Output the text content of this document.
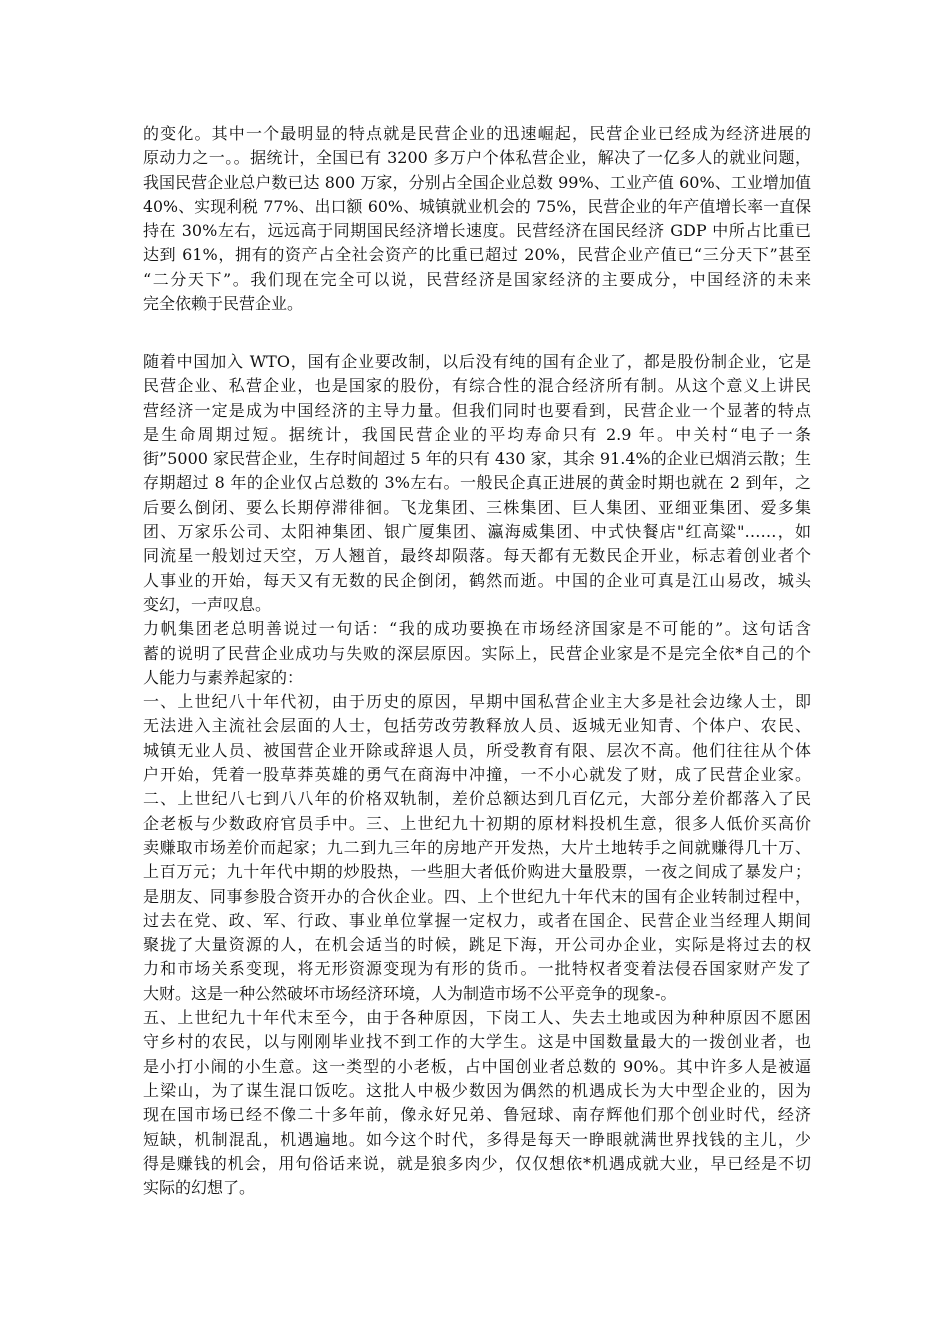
的变化。其中一个最明显的特点就是民营企业的迅速崛起，民营企业已经成为经济进展的
原动力之一。。据统计，全国已有 3200 多万户个体私营企业，解决了一亿多人的就业问题，
我国民营企业总户数已达 800 万家，分别占全国企业总数 99%、工业产值 60%、工业增加值
40%、实现利税 77%、出口额 60%、城镇就业机会的 75%，民营企业的年产值增长率一直保
持在 30%左右，远远高于同期国民经济增长速度。民营经济在国民经济 GDP 中所占比重已
达到 61%，拥有的资产占全社会资产的比重已超过 20%，民营企业产值已“三分天下”甚至
“二分天下”。我们现在完全可以说，民营经济是国家经济的主要成分，中国经济的未来
完全依赖于民营企业。
随着中国加入 WTO，国有企业要改制，以后没有纯的国有企业了，都是股份制企业，它是
民营企业、私营企业，也是国家的股份，有综合性的混合经济所有制。从这个意义上讲民
营经济一定是成为中国经济的主导力量。但我们同时也要看到，民营企业一个显著的特点
是生命周期过短。据统计，我国民营企业的平均寿命只有 2.9 年。中关村“电子一条
街”5000 家民营企业，生存时间超过 5 年的只有 430 家，其余 91.4%的企业已烟消云散；生
存期超过 8 年的企业仅占总数的 3%左右。一般民企真正进展的黄金时期也就在 2 到年，之
后要么倒闭、要么长期停滞徘徊。飞龙集团、三株集团、巨人集团、亚细亚集团、爱多集
团、万家乐公司、太阳神集团、银广厦集团、瀛海威集团、中式快餐店"红高粱"……，如
同流星一般划过天空，万人翘首，最终却陨落。每天都有无数民企开业，标志着创业者个
人事业的开始，每天又有无数的民企倒闭，鹤然而逝。中国的企业可真是江山易改，城头
变幻，一声叹息。
力帆集团老总明善说过一句话：“我的成功要换在市场经济国家是不可能的”。这句话含
蓄的说明了民营企业成功与失败的深层原因。实际上，民营企业家是不是完全依*自己的个
人能力与素养起家的：
一、上世纪八十年代初，由于历史的原因，早期中国私营企业主大多是社会边缘人士，即
无法进入主流社会层面的人士，包括劳改劳教释放人员、返城无业知青、个体户、农民、
城镇无业人员、被国营企业开除或辞退人员，所受教育有限、层次不高。他们往往从个体
户开始，凭着一股草莽英雄的勇气在商海中冲撞，一不小心就发了财，成了民营企业家。
二、上世纪八七到八八年的价格双轨制，差价总额达到几百亿元，大部分差价都落入了民
企老板与少数政府官员手中。三、上世纪九十初期的原材料投机生意，很多人低价买高价
卖赚取市场差价而起家；九二到九三年的房地产开发热，大片土地转手之间就赚得几十万、
上百万元；九十年代中期的炒股热，一些胆大者低价购进大量股票，一夜之间成了暴发户；
是朋友、同事参股合资开办的合伙企业。四、上个世纪九十年代末的国有企业转制过程中，
过去在党、政、军、行政、事业单位掌握一定权力，或者在国企、民营企业当经理人期间
聚拢了大量资源的人，在机会适当的时候，跳足下海，开公司办企业，实际是将过去的权
力和市场关系变现，将无形资源变现为有形的货币。一批特权者变着法侵吞国家财产发了
大财。这是一种公然破坏市场经济环境，人为制造市场不公平竞争的现象-。
五、上世纪九十年代末至今，由于各种原因，下岗工人、失去土地或因为种种原因不愿困
守乡村的农民，以与刚刚毕业找不到工作的大学生。这是中国数量最大的一拨创业者，也
是小打小闹的小生意。这一类型的小老板，占中国创业者总数的 90%。其中许多人是被逼
上梁山，为了谋生混口饭吃。这批人中极少数因为偶然的机遇成长为大中型企业的，因为
现在国市场已经不像二十多年前，像永好兄弟、鲁冠球、南存辉他们那个创业时代，经济
短缺，机制混乱，机遇遍地。如今这个时代，多得是每天一睁眼就满世界找钱的主儿，少
得是赚钱的机会，用句俗话来说，就是狼多肉少，仅仅想依*机遇成就大业，早已经是不切
实际的幻想了。
